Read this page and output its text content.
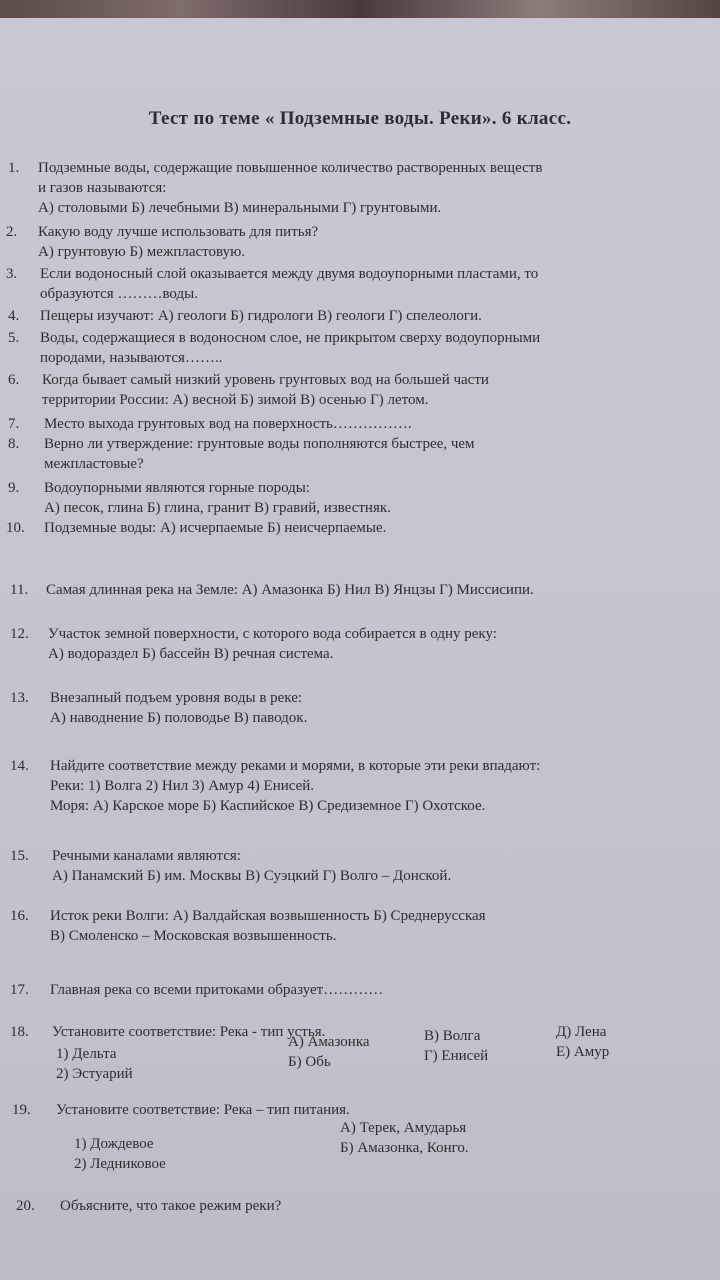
Тест по теме « Подземные воды. Реки». 6 класс.
1.	Подземные воды, содержащие повышенное количество растворенных веществ
и газов называются:
А) столовыми Б) лечебными В) минеральными Г) грунтовыми.
2.	Какую воду лучше использовать для питья?
А) грунтовую Б) межпластовую.
3.	Если водоносный слой оказывается между двумя водоупорными пластами, то
образуются ………воды.
4.	Пещеры изучают: А) геологи Б) гидрологи В) геологи Г) спелеологи.
5.	Воды, содержащиеся в водоносном слое, не прикрытом сверху водоупорными
породами, называются……..
6.	Когда бывает самый низкий уровень грунтовых вод на большей части
территории России: А) весной Б) зимой В) осенью Г) летом.
7.	Место выхода грунтовых вод на поверхность…………….
8.	Верно ли утверждение: грунтовые воды пополняются быстрее, чем
межпластовые?
9.	Водоупорными являются горные породы:
А) песок, глина Б) глина, гранит В) гравий, известняк.
10.	Подземные воды: А) исчерпаемые Б) неисчерпаемые.
11.	Самая длинная река на Земле: А) Амазонка Б) Нил В) Янцзы Г) Миссисипи.
12.	Участок земной поверхности, с которого вода собирается в одну реку:
А) водораздел Б) бассейн В) речная система.
13.	Внезапный подъем уровня воды в реке:
А) наводнение Б) половодье В) паводок.
14.	Найдите соответствие между реками и морями, в которые эти реки впадают:
Реки: 1) Волга 2) Нил 3) Амур 4) Енисей.
Моря: А) Карское море Б) Каспийское В) Средиземное Г) Охотское.
15.	Речными каналами являются:
А) Панамский Б) им. Москвы В) Суэцкий Г) Волго – Донской.
16.	Исток реки Волги: А) Валдайская возвышенность Б) Среднерусская
В) Смоленско – Московская возвышенность.
17.	Главная река со всеми притоками образует…………
18.	Установите соответствие: Река - тип устья.
1) Дельта
2) Эстуарий
А) Амазонка
Б) Обь
В) Волга
Г) Енисей
Д) Лена
Е) Амур
19.	Установите соответствие: Река – тип питания.
1) Дождевое
2) Ледниковое
А) Терек, Амударья
Б) Амазонка, Конго.
20.	Объясните, что такое режим реки?
